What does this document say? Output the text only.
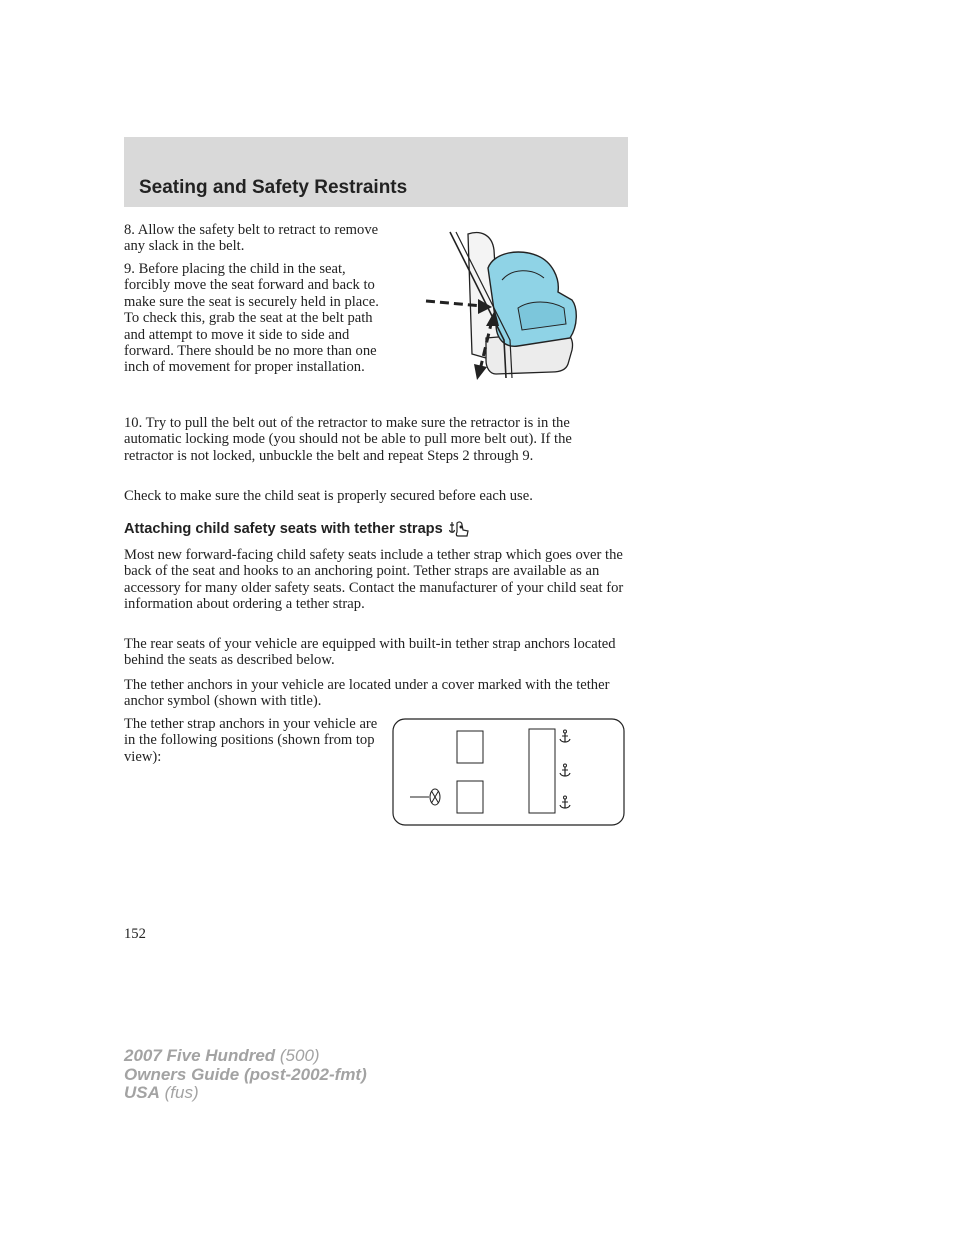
Seating and Safety Restraints

8. Allow the safety belt to retract to remove any slack in the belt.

9. Before placing the child in the seat, forcibly move the seat forward and back to make sure the seat is securely held in place. To check this, grab the seat at the belt path and attempt to move it side to side and forward. There should be no more than one inch of movement for proper installation.

10. Try to pull the belt out of the retractor to make sure the retractor is in the automatic locking mode (you should not be able to pull more belt out). If the retractor is not locked, unbuckle the belt and repeat Steps 2 through 9.

Check to make sure the child seat is properly secured before each use.

Attaching child safety seats with tether straps

Most new forward-facing child safety seats include a tether strap which goes over the back of the seat and hooks to an anchoring point. Tether straps are available as an accessory for many older safety seats. Contact the manufacturer of your child seat for information about ordering a tether strap.

The rear seats of your vehicle are equipped with built-in tether strap anchors located behind the seats as described below.

The tether anchors in your vehicle are located under a cover marked with the tether anchor symbol (shown with title).

The tether strap anchors in your vehicle are in the following positions (shown from top view):

152

2007 Five Hundred (500)
Owners Guide (post-2002-fmt)
USA (fus)
